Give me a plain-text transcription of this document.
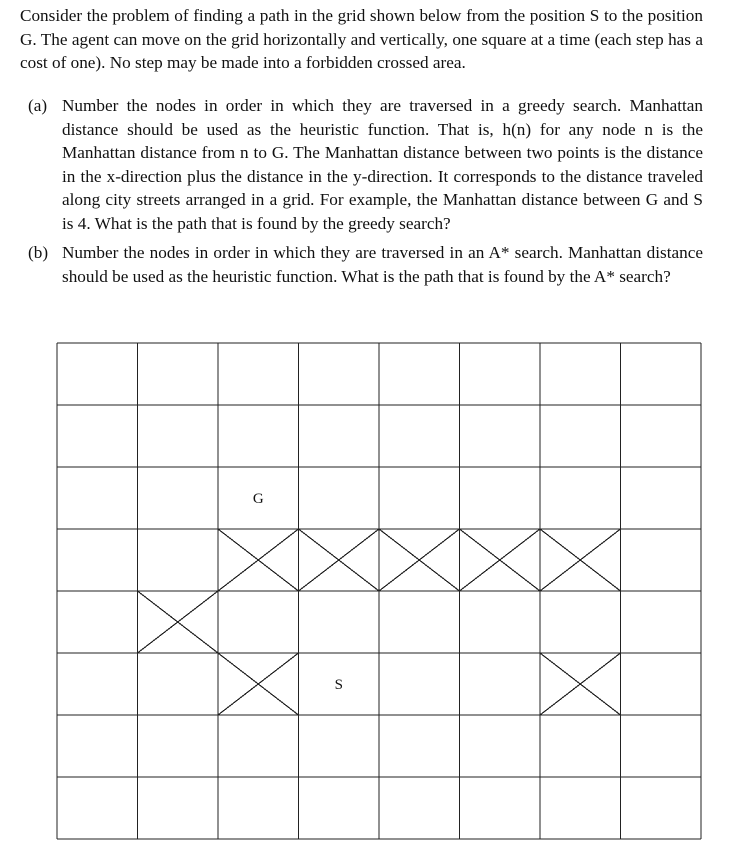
Consider the problem of finding a path in the grid shown below from the position S to the position G. The agent can move on the grid horizontally and vertically, one square at a time (each step has a cost of one). No step may be made into a forbidden crossed area.

(a) Number the nodes in order in which they are traversed in a greedy search. Manhattan distance should be used as the heuristic function. That is, h(n) for any node n is the Manhattan distance from n to G. The Manhattan distance between two points is the distance in the x-direction plus the distance in the y-direction. It corresponds to the distance traveled along city streets arranged in a grid. For example, the Manhattan distance between G and S is 4. What is the path that is found by the greedy search?
(b) Number the nodes in order in which they are traversed in an A* search. Manhattan distance should be used as the heuristic function. What is the path that is found by the A* search?
G
S
